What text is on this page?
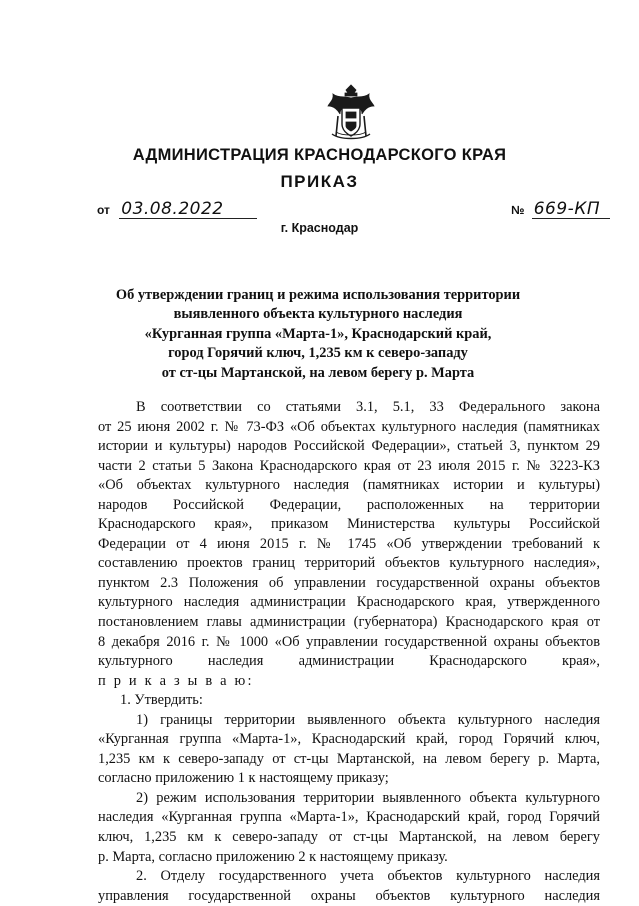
АДМИНИСТРАЦИЯ КРАСНОДАРСКОГО КРАЯ
ПРИКАЗ
от 03.08.2022	№ 669-КП
г. Краснодар
Об утверждении границ и режима использования территории
выявленного объекта культурного наследия
«Курганная группа «Марта-1», Краснодарский край,
город Горячий ключ, 1,235 км к северо-западу
от ст-цы Мартанской, на левом берегу р. Марта
В соответствии со статьями 3.1, 5.1, 33 Федерального закона
от 25 июня 2002 г. № 73-ФЗ «Об объектах культурного наследия (памятниках
истории и культуры) народов Российской Федерации», статьей 3, пунктом 29
части 2 статьи 5 Закона Краснодарского края от 23 июля 2015 г. № 3223-КЗ
«Об объектах культурного наследия (памятниках истории и культуры)
народов Российской Федерации, расположенных на территории
Краснодарского края», приказом Министерства культуры Российской
Федерации от 4 июня 2015 г. № 1745 «Об утверждении требований к
составлению проектов границ территорий объектов культурного наследия»,
пунктом 2.3 Положения об управлении государственной охраны объектов
культурного наследия администрации Краснодарского края, утвержденного
постановлением главы администрации (губернатора) Краснодарского края от
8 декабря 2016 г. № 1000 «Об управлении государственной охраны объектов
культурного наследия администрации Краснодарского края»,
п р и к а з ы в а ю:
1. Утвердить:
1) границы территории выявленного объекта культурного наследия
«Курганная группа «Марта-1», Краснодарский край, город Горячий ключ,
1,235 км к северо-западу от ст-цы Мартанской, на левом берегу р. Марта,
согласно приложению 1 к настоящему приказу;
2) режим использования территории выявленного объекта культурного
наследия «Курганная группа «Марта-1», Краснодарский край, город Горячий
ключ, 1,235 км к северо-западу от ст-цы Мартанской, на левом берегу
р. Марта, согласно приложению 2 к настоящему приказу.
2. Отделу государственного учета объектов культурного наследия
управления государственной охраны объектов культурного наследия
